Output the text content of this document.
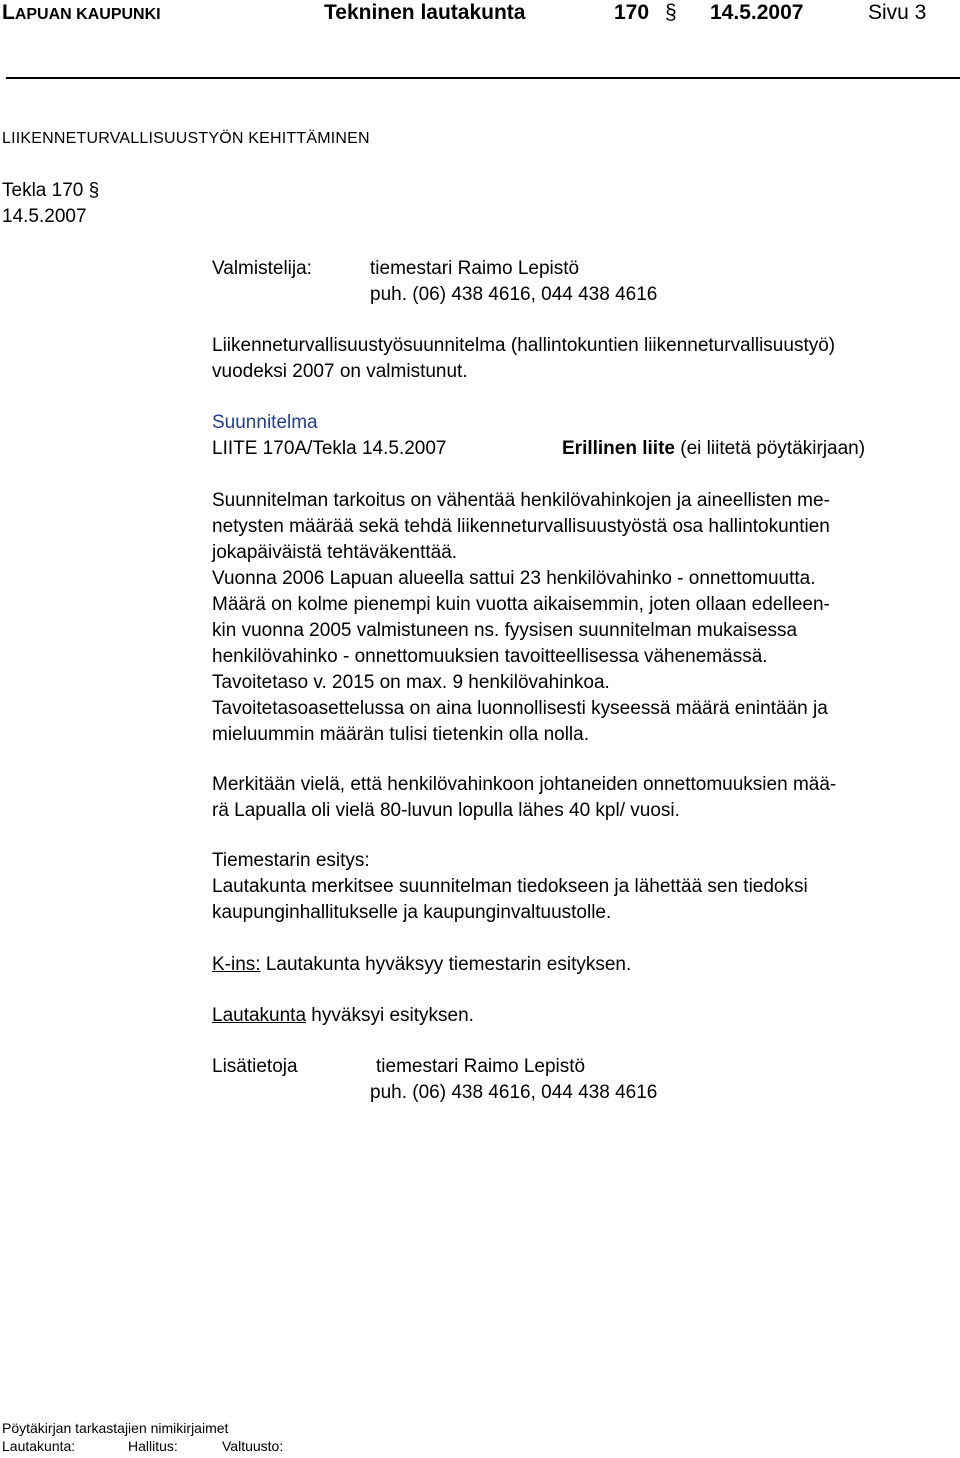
LAPUAN KAUPUNKI	Tekninen lautakunta	170 § 14.5.2007	Sivu 3
LIIKENNETURVALLISUUSTYÖN KEHITTÄMINEN
Tekla 170 §
14.5.2007
Valmistelija:	tiemestari Raimo Lepistö
puh. (06) 438 4616, 044 438 4616
Liikenneturvallisuustyösuunnitelma (hallintokuntien liikenneturvallisuustyö)
vuodeksi 2007 on valmistunut.
Suunnitelma
LIITE 170A/Tekla 14.5.2007	Erillinen liite (ei liitetä pöytäkirjaan)
Suunnitelman tarkoitus on vähentää henkilövahinkojen ja aineellisten me-
netysten määrää sekä tehdä liikenneturvallisuustyöstä osa hallintokuntien
jokapäiväistä tehtäväkenttää.
Vuonna 2006 Lapuan alueella sattui 23 henkilövahinko - onnettomuutta.
Määrä on kolme pienempi kuin vuotta aikaisemmin, joten ollaan edelleen-
kin vuonna 2005 valmistuneen ns. fyysisen suunnitelman mukaisessa
henkilövahinko - onnettomuuksien tavoitteellisessa vähenemässä.
Tavoitetaso v. 2015 on max. 9 henkilövahinkoa.
Tavoitetasoasettelussa on aina luonnollisesti kyseessä määrä enintään ja
mieluummin määrän tulisi tietenkin olla nolla.
Merkitään vielä, että henkilövahinkoon johtaneiden onnettomuuksien mää-
rä Lapualla oli vielä 80-luvun lopulla lähes 40 kpl/ vuosi.
Tiemestarin esitys:
Lautakunta merkitsee suunnitelman tiedokseen ja lähettää sen tiedoksi
kaupunginhallitukselle ja kaupunginvaltuustolle.
K-ins: Lautakunta hyväksyy tiemestarin esityksen.
Lautakunta hyväksyi esityksen.
Lisätietoja	tiemestari Raimo Lepistö
puh. (06) 438 4616, 044 438 4616
Pöytäkirjan tarkastajien nimikirjaimet
Lautakunta:	Hallitus:	Valtuusto:
